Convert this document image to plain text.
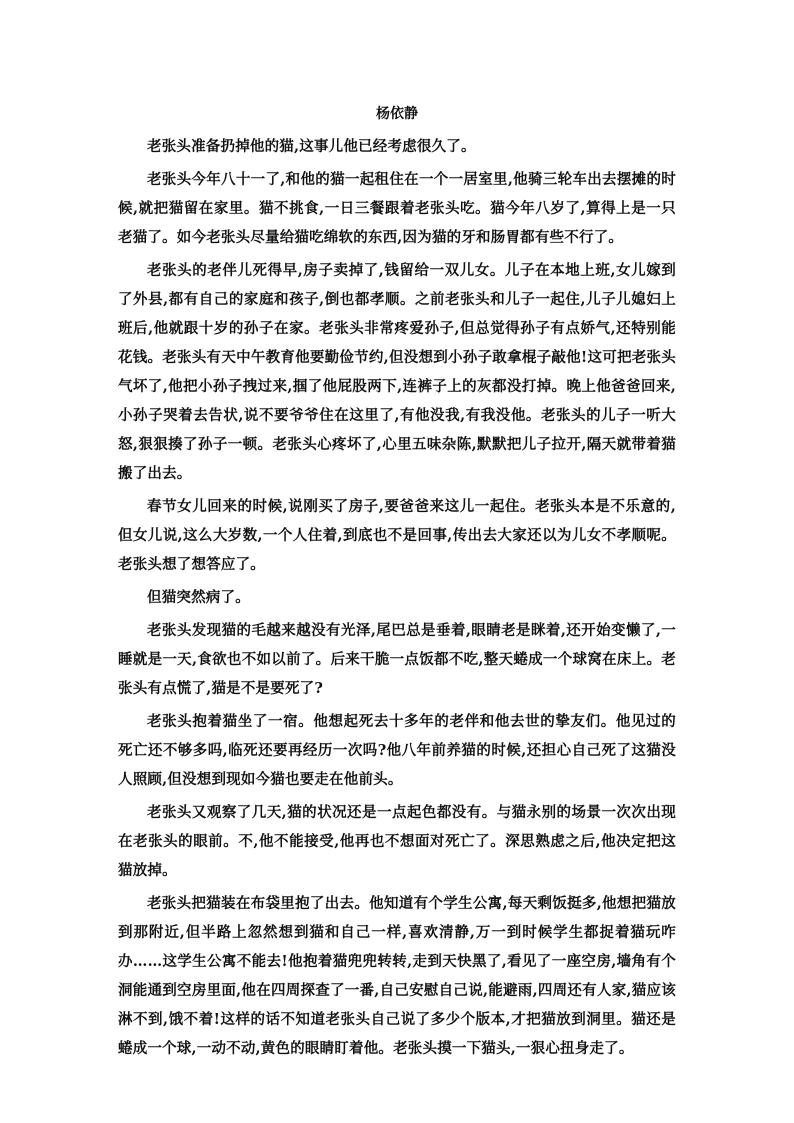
杨依静

老张头准备扔掉他的猫,这事儿他已经考虑很久了。

老张头今年八十一了,和他的猫一起租住在一个一居室里,他骑三轮车出去摆摊的时候,就把猫留在家里。猫不挑食,一日三餐跟着老张头吃。猫今年八岁了,算得上是一只老猫了。如今老张头尽量给猫吃绵软的东西,因为猫的牙和肠胃都有些不行了。

老张头的老伴儿死得早,房子卖掉了,钱留给一双儿女。儿子在本地上班,女儿嫁到了外县,都有自己的家庭和孩子,倒也都孝顺。之前老张头和儿子一起住,儿子儿媳妇上班后,他就跟十岁的孙子在家。老张头非常疼爱孙子,但总觉得孙子有点娇气,还特别能花钱。老张头有天中午教育他要勤俭节约,但没想到小孙子敢拿棍子敲他!这可把老张头气坏了,他把小孙子拽过来,掴了他屁股两下,连裤子上的灰都没打掉。晚上他爸爸回来,小孙子哭着去告状,说不要爷爷住在这里了,有他没我,有我没他。老张头的儿子一听大怒,狠狠揍了孙子一顿。老张头心疼坏了,心里五味杂陈,默默把儿子拉开,隔天就带着猫搬了出去。

春节女儿回来的时候,说刚买了房子,要爸爸来这儿一起住。老张头本是不乐意的,但女儿说,这么大岁数,一个人住着,到底也不是回事,传出去大家还以为儿女不孝顺呢。老张头想了想答应了。

但猫突然病了。

老张头发现猫的毛越来越没有光泽,尾巴总是垂着,眼睛老是眯着,还开始变懒了,一睡就是一天,食欲也不如以前了。后来干脆一点饭都不吃,整天蜷成一个球窝在床上。老张头有点慌了,猫是不是要死了?

老张头抱着猫坐了一宿。他想起死去十多年的老伴和他去世的挚友们。他见过的死亡还不够多吗,临死还要再经历一次吗?他八年前养猫的时候,还担心自己死了这猫没人照顾,但没想到现如今猫也要走在他前头。

老张头又观察了几天,猫的状况还是一点起色都没有。与猫永别的场景一次次出现在老张头的眼前。不,他不能接受,他再也不想面对死亡了。深思熟虑之后,他决定把这猫放掉。

老张头把猫装在布袋里抱了出去。他知道有个学生公寓,每天剩饭挺多,他想把猫放到那附近,但半路上忽然想到猫和自己一样,喜欢清静,万一到时候学生都捉着猫玩咋办……这学生公寓不能去!他抱着猫兜兜转转,走到天快黑了,看见了一座空房,墙角有个洞能通到空房里面,他在四周探查了一番,自己安慰自己说,能避雨,四周还有人家,猫应该淋不到,饿不着!这样的话不知道老张头自己说了多少个版本,才把猫放到洞里。猫还是蜷成一个球,一动不动,黄色的眼睛盯着他。老张头摸一下猫头,一狠心扭身走了。
